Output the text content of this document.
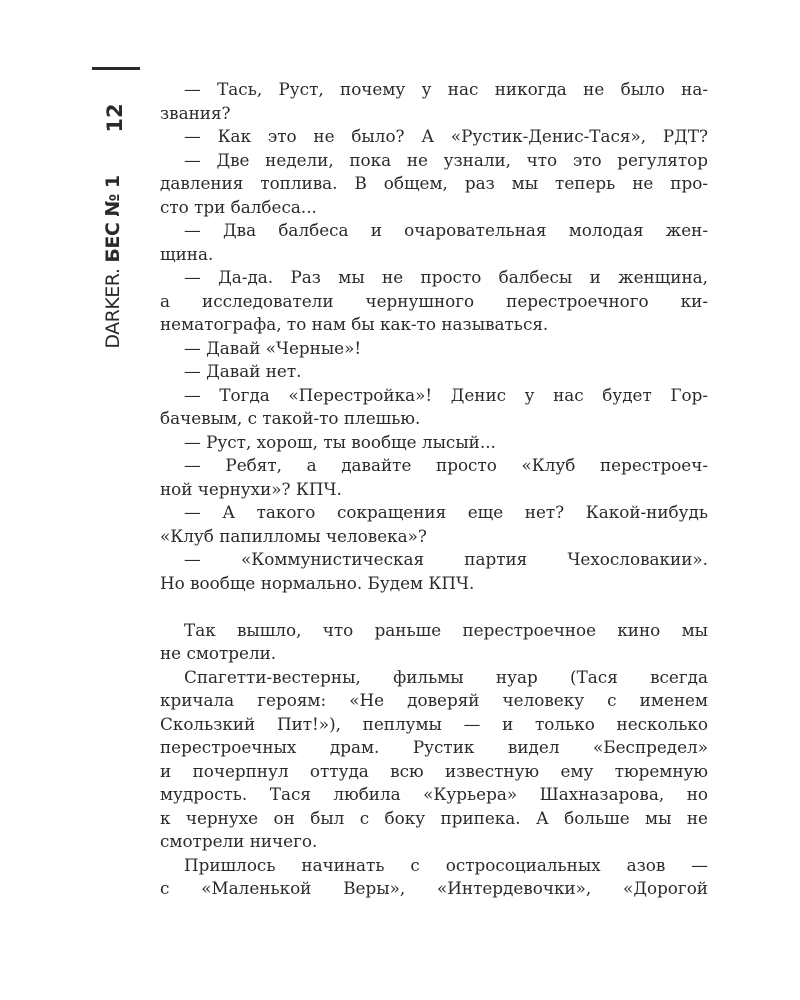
12
DARKER. БЕС № 1
— Тась, Руст, почему у нас никогда не было на-
звания?
— Как это не было? А «Рустик-Денис-Тася», РДТ?
— Две недели, пока не узнали, что это регулятор
давления топлива. В общем, раз мы теперь не про-
сто три балбеса...
— Два балбеса и очаровательная молодая жен-
щина.
— Да-да. Раз мы не просто балбесы и женщина,
а исследователи чернушного перестроечного ки-
нематографа, то нам бы как-то называться.
— Давай «Черные»!
— Давай нет.
— Тогда «Перестройка»! Денис у нас будет Гор-
бачевым, с такой-то плешью.
— Руст, хорош, ты вообще лысый...
— Ребят, а давайте просто «Клуб перестроеч-
ной чернухи»? КПЧ.
— А такого сокращения еще нет? Какой-нибудь
«Клуб папилломы человека»?
— «Коммунистическая партия Чехословакии».
Но вообще нормально. Будем КПЧ.
Так вышло, что раньше перестроечное кино мы
не смотрели.
Спагетти-вестерны, фильмы нуар (Тася всегда
кричала героям: «Не доверяй человеку с именем
Скользкий Пит!»), пеплумы — и только несколько
перестроечных драм. Рустик видел «Беспредел»
и почерпнул оттуда всю известную ему тюремную
мудрость. Тася любила «Курьера» Шахназарова, но
к чернухе он был с боку припека. А больше мы не
смотрели ничего.
Пришлось начинать с остросоциальных азов —
с «Маленькой Веры», «Интердевочки», «Дорогой
